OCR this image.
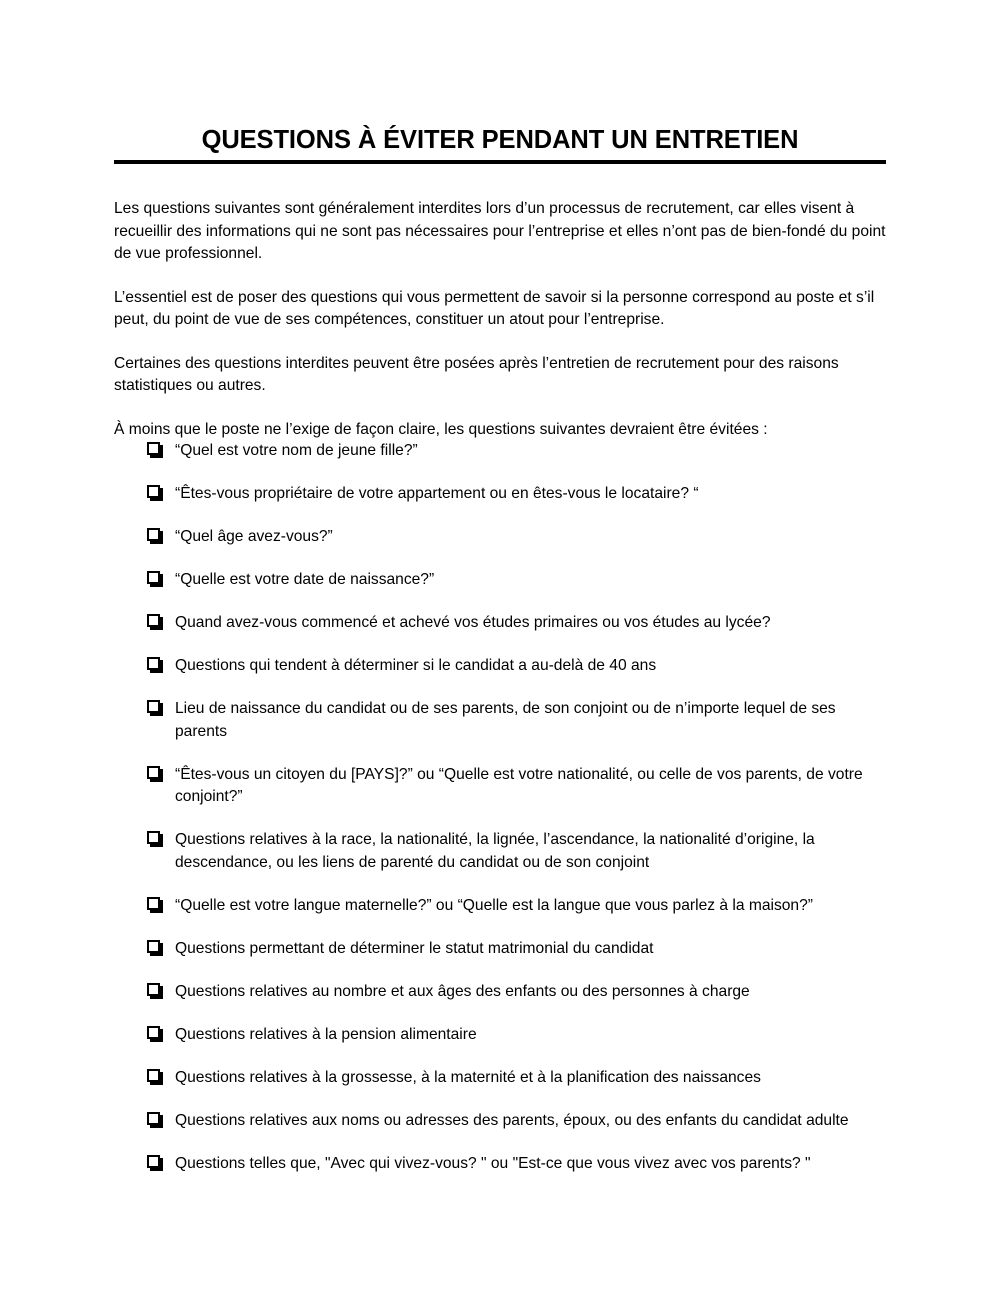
QUESTIONS À ÉVITER PENDANT UN ENTRETIEN

Les questions suivantes sont généralement interdites lors d’un processus de recrutement, car elles visent à recueillir des informations qui ne sont pas nécessaires pour l’entreprise et elles n’ont pas de bien-fondé du point de vue professionnel.

L’essentiel est de poser des questions qui vous permettent de savoir si la personne correspond au poste et s’il peut, du point de vue de ses compétences, constituer un atout pour l’entreprise.

Certaines des questions interdites peuvent être posées après l’entretien de recrutement pour des raisons statistiques ou autres.

À moins que le poste ne l’exige de façon claire, les questions suivantes devraient être évitées :

“Quel est votre nom de jeune fille?”
“Êtes-vous propriétaire de votre appartement ou en êtes-vous le locataire? “
“Quel âge avez-vous?”
“Quelle est votre date de naissance?”
Quand avez-vous commencé et achevé vos études primaires ou vos études au lycée?
Questions qui tendent à déterminer si le candidat a au-delà de 40 ans
Lieu de naissance du candidat ou de ses parents, de son conjoint ou de n’importe lequel de ses parents
“Êtes-vous un citoyen du [PAYS]?” ou “Quelle est votre nationalité, ou celle de vos parents, de votre conjoint?”
Questions relatives à la race, la nationalité, la lignée, l’ascendance, la nationalité d’origine, la descendance, ou les liens de parenté du candidat ou de son conjoint
“Quelle est votre langue maternelle?” ou “Quelle est la langue que vous parlez à la maison?”
Questions permettant de déterminer le statut matrimonial du candidat
Questions relatives au nombre et aux âges des enfants ou des personnes à charge
Questions relatives à la pension alimentaire
Questions relatives à la grossesse, à la maternité et à la planification des naissances
Questions relatives aux noms ou adresses des parents, époux, ou des enfants du candidat adulte
Questions telles que, "Avec qui vivez-vous? " ou "Est-ce que vous vivez avec vos parents? "
